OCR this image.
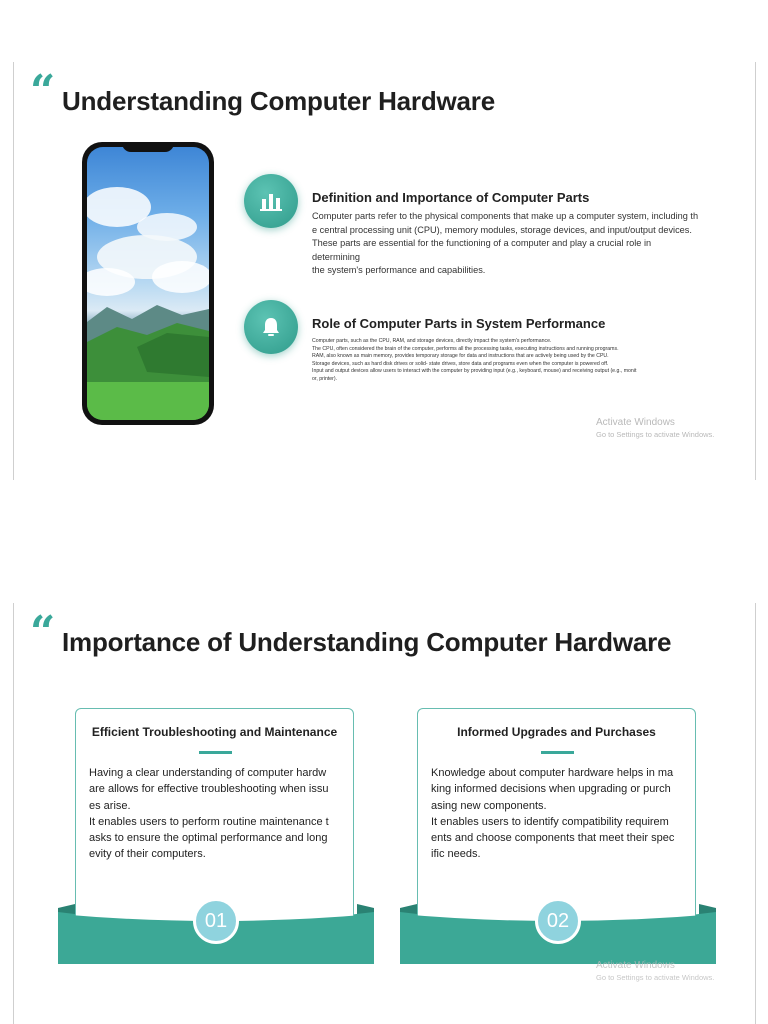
“ Understanding Computer Hardware
Definition and Importance of Computer Parts
Computer parts refer to the physical components that make up a computer system, including th
e central processing unit (CPU), memory modules, storage devices, and input/output devices.
These parts are essential for the functioning of a computer and play a crucial role in determining
the system's performance and capabilities.
Role of Computer Parts in System Performance
Computer parts, such as the CPU, RAM, and storage devices, directly impact the system's performance.
The CPU, often considered the brain of the computer, performs all the processing tasks, executing instructions and running programs.
RAM, also known as main memory, provides temporary storage for data and instructions that are actively being used by the CPU.
Storage devices, such as hard disk drives or solid- state drives, store data and programs even when the computer is powered off.
Input and output devices allow users to interact with the computer by providing input (e.g., keyboard, mouse) and receiving output (e.g., monit
or, printer).
Activate Windows
Go to Settings to activate Windows.
“ Importance of Understanding Computer Hardware
Efficient Troubleshooting and Maintenance
Having a clear understanding of computer hardw
are allows for effective troubleshooting when issu
es arise.
It enables users to perform routine maintenance t
asks to ensure the optimal performance and long
evity of their computers.
01
Informed Upgrades and Purchases
Knowledge about computer hardware helps in ma
king informed decisions when upgrading or purch
asing new components.
It enables users to identify compatibility requirem
ents and choose components that meet their spec
ific needs.
02
Activate Windows
Go to Settings to activate Windows.
